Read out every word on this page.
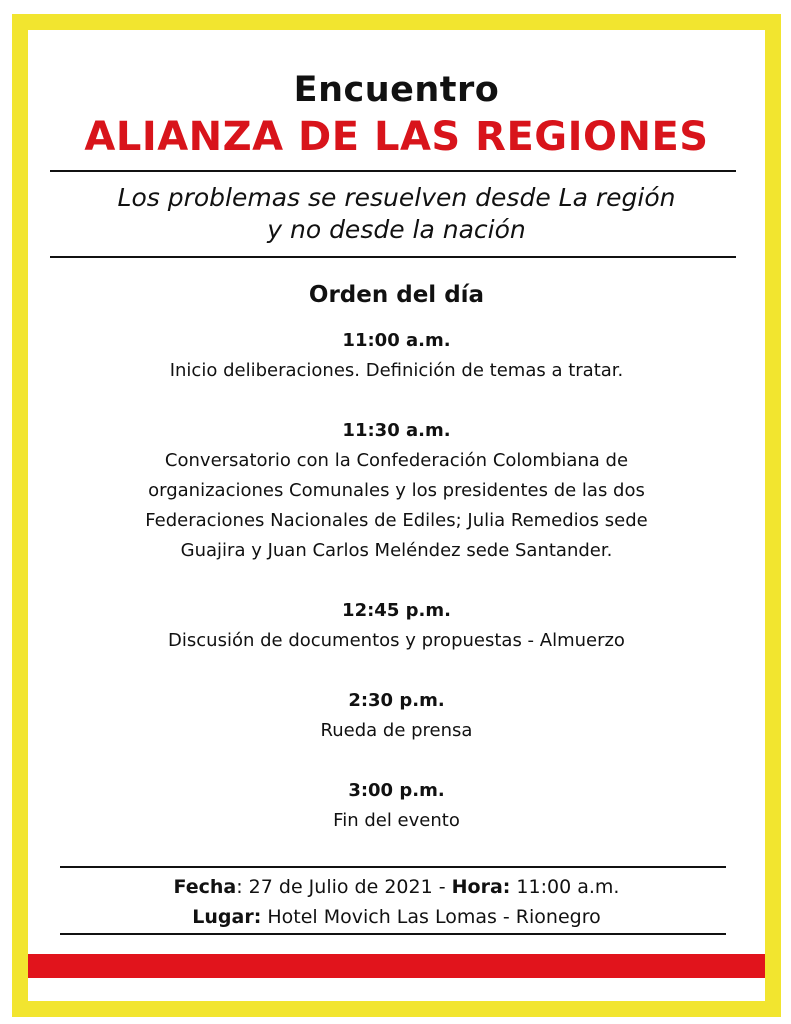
Encuentro
ALIANZA DE LAS REGIONES
Los problemas se resuelven desde La región
y no desde la nación
Orden del día
11:00 a.m.
Inicio deliberaciones. Definición de temas a tratar.
11:30 a.m.
Conversatorio con la Confederación Colombiana de
organizaciones Comunales y los presidentes de las dos
Federaciones Nacionales de Ediles; Julia Remedios sede
Guajira y Juan Carlos Meléndez sede Santander.
12:45 p.m.
Discusión de documentos y propuestas - Almuerzo
2:30 p.m.
Rueda de prensa
3:00 p.m.
Fin del evento
Fecha: 27 de Julio de 2021 - Hora: 11:00 a.m.
Lugar: Hotel Movich Las Lomas - Rionegro
